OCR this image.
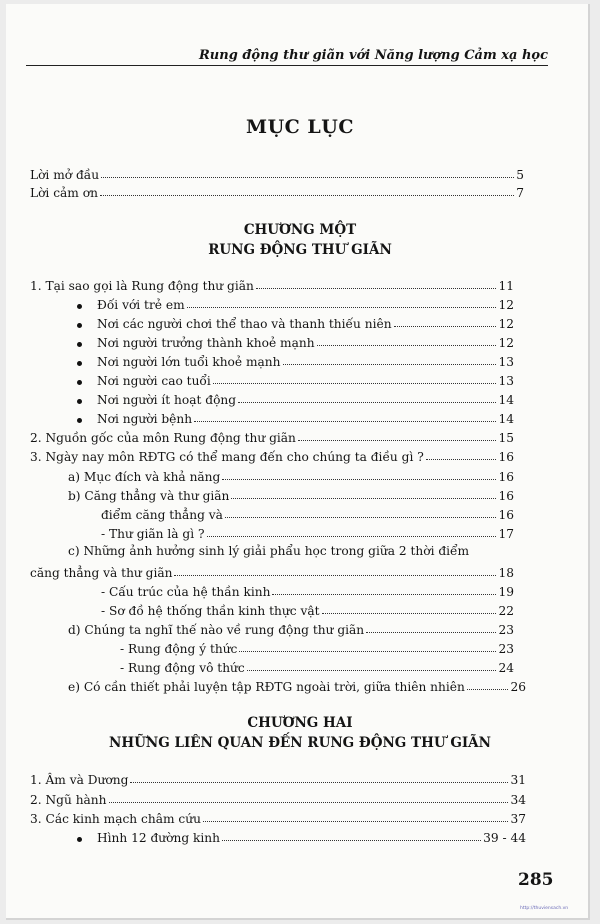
Rung động thư giãn với Năng lượng Cảm xạ học
MỤC LỤC
Lời mở đầu	5
Lời cảm ơn	7
CHƯƠNG MỘT
RUNG ĐỘNG THƯ GIÃN
1. Tại sao gọi là Rung động thư giãn	11
Đối với trẻ em	12
Nơi các người chơi thể thao và thanh thiếu niên	12
Nơi người trưởng thành khoẻ mạnh	12
Nơi người lớn tuổi khoẻ mạnh	13
Nơi người cao tuổi	13
Nơi người ít hoạt động	14
Nơi người bệnh	14
2. Nguồn gốc của môn Rung động thư giãn	15
3. Ngày nay môn RĐTG có thể mang đến cho chúng ta điều gì ?	16
a) Mục đích và khả năng	16
b) Căng thẳng và thư giãn	16
điểm căng thẳng và	16
- Thư giãn là gì ?	17
c) Những ảnh hưởng sinh lý giải phẩu học trong giữa 2 thời điểm
căng thẳng và thư giãn	18
- Cấu trúc của hệ thần kinh	19
- Sơ đồ hệ thống thần kinh thực vật	22
d) Chúng ta nghĩ thế nào về rung động thư giãn	23
- Rung động ý thức	23
- Rung động vô thức	24
e) Có cần thiết phải luyện tập RĐTG ngoài trời, giữa thiên nhiên	26
CHƯƠNG HAI
NHỮNG LIÊN QUAN ĐẾN RUNG ĐỘNG THƯ GIÃN
1. Âm và Dương	31
2. Ngũ hành	34
3. Các kinh mạch châm cứu	37
Hình 12 đường kinh	39 - 44
285
http://thuviensach.vn
